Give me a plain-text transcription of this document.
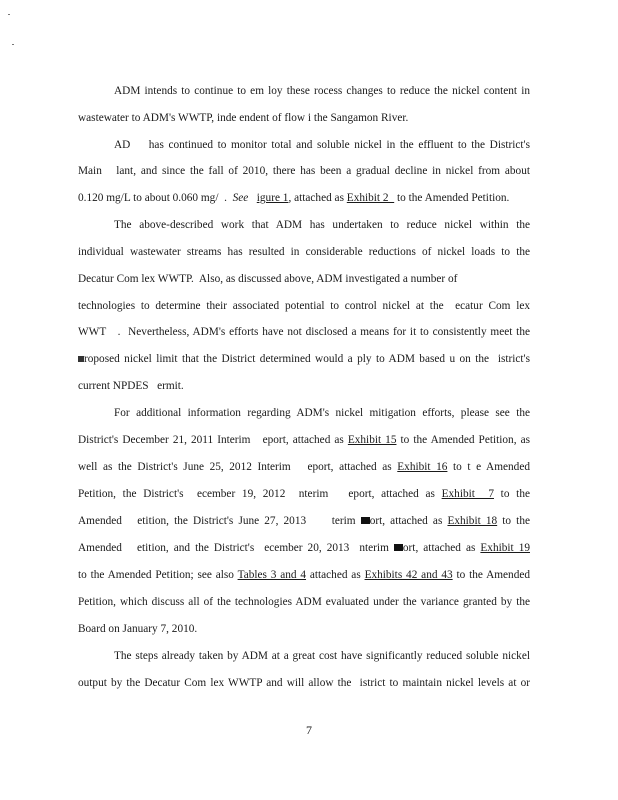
ADM intends to continue to em loy these rocess changes to reduce the nickel content in
wastewater to ADM's WWTP, inde endent of flow i the Sangamon River.
AD    has continued to monitor total and soluble nickel in the effluent to the District's
Main   lant, and since the fall of 2010, there has been a gradual decline in nickel from about
0.120 mg/L to about 0.060 mg/  .  See igure 1, attached as Exhibit 2   to the Amended Petition.
The above-described work that ADM has undertaken to reduce nickel within the
individual wastewater streams has resulted in considerable reductions of nickel loads to the
Decatur Com lex WWTP.  Also, as discussed above, ADM investigated a number of
technologies to determine their associated potential to control nickel at the  ecatur Com lex
WWT   .  Nevertheless, ADM's efforts have not disclosed a means for it to consistently meet the
roposed nickel limit that the District determined would a ply to ADM based u on the  istrict's
current NPDES   ermit.
For additional information regarding ADM's nickel mitigation efforts, please see the
District's December 21, 2011 Interim   eport, attached as Exhibit 15 to the Amended Petition, as
well as the District's June 25, 2012 Interim   eport, attached as Exhibit 16 to t e Amended
Petition, the District's  ecember 19, 2012  nterim   eport, attached as Exhibit  7 to the
Amended   etition, the District's June 27, 2013     terim ort, attached as Exhibit 18 to the
Amended   etition, and the District's  ecember 20, 2013  nterim ort, attached as Exhibit 19
to the Amended Petition; see also Tables 3 and 4 attached as Exhibits 42 and 43 to the Amended
Petition, which discuss all of the technologies ADM evaluated under the variance granted by the
Board on January 7, 2010.
The steps already taken by ADM at a great cost have significantly reduced soluble nickel
output by the Decatur Com lex WWTP and will allow the  istrict to maintain nickel levels at or
7
